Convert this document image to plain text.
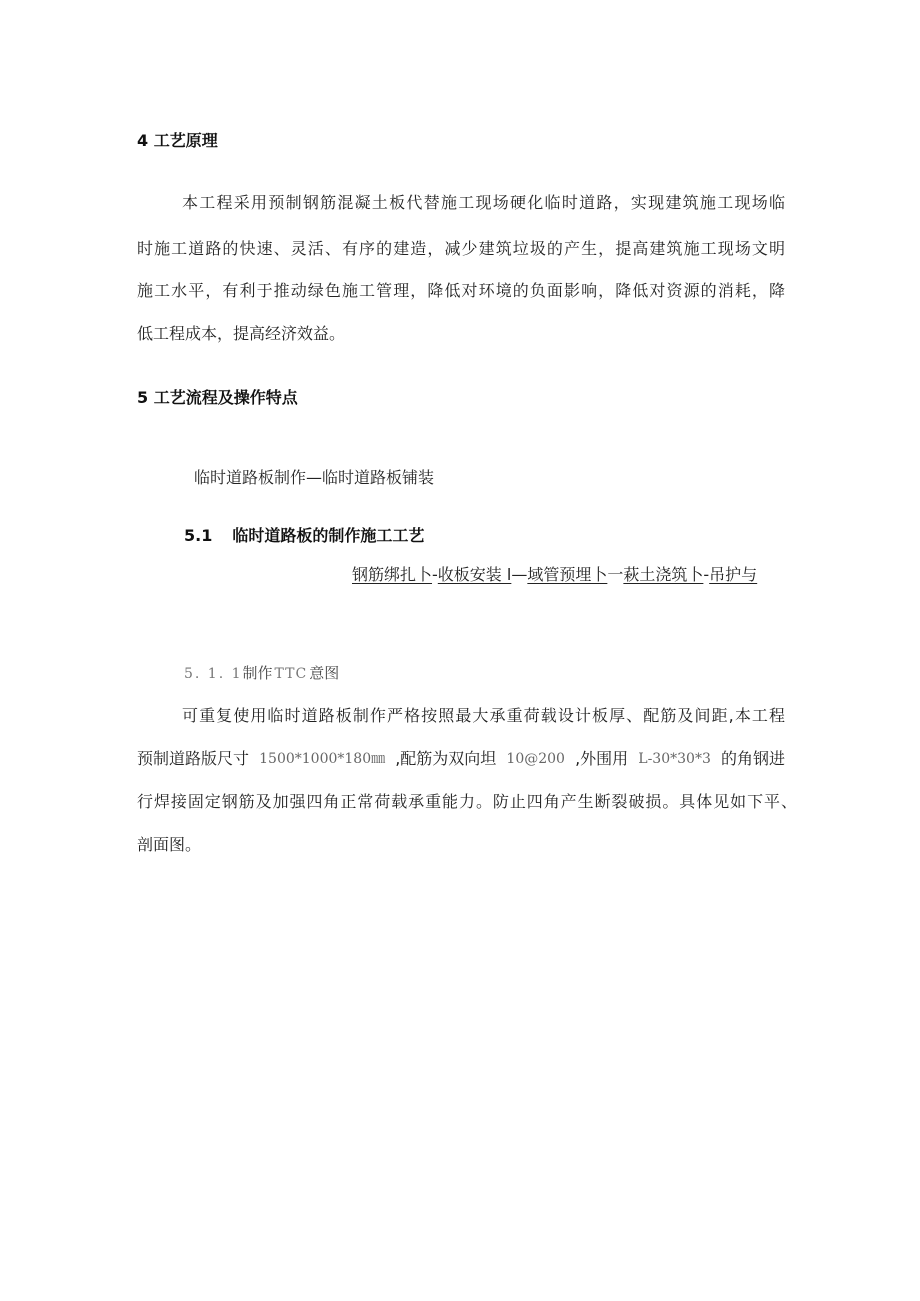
4 工艺原理
本工程采用预制钢筋混凝土板代替施工现场硬化临时道路，实现建筑施工现场临
时施工道路的快速、灵活、有序的建造，减少建筑垃圾的产生，提高建筑施工现场文明
施工水平，有利于推动绿色施工管理，降低对环境的负面影响，降低对资源的消耗，降
低工程成本，提高经济效益。
5 工艺流程及操作特点
临时道路板制作—临时道路板铺装
5.1 临时道路板的制作施工工艺
钢筋绑扎卜-收板安装 l—域管预埋卜一萩土浇筑卜-吊护与
5. 1. 1制作 TTC 意图
可重复使用临时道路板制作严格按照最大承重荷载设计板厚、配筋及间距,本工程
预制道路版尺寸 1500*1000*180㎜ ,配筋为双向坦 10@200 ,外围用 L-30*30*3 的角钢进
行焊接固定钢筋及加强四角正常荷载承重能力。防止四角产生断裂破损。具体见如下平、
剖面图。
